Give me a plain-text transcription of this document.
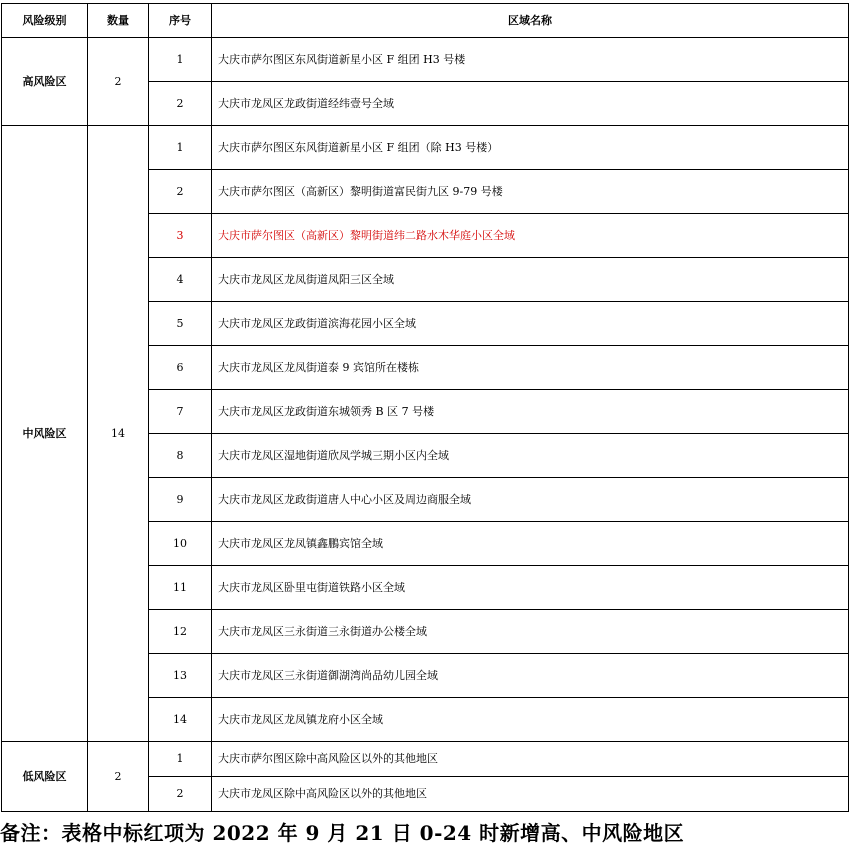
风险级别	数量	序号	区域名称
高风险区	2	1	大庆市萨尔图区东风街道新星小区 F 组团 H3 号楼
		2	大庆市龙凤区龙政街道经纬壹号全域
中风险区	14	1	大庆市萨尔图区东风街道新星小区 F 组团（除 H3 号楼）
		2	大庆市萨尔图区（高新区）黎明街道富民街九区 9-79 号楼
		3	大庆市萨尔图区（高新区）黎明街道纬二路水木华庭小区全域
		4	大庆市龙凤区龙凤街道凤阳三区全域
		5	大庆市龙凤区龙政街道滨海花园小区全域
		6	大庆市龙凤区龙凤街道泰 9 宾馆所在楼栋
		7	大庆市龙凤区龙政街道东城领秀 B 区 7 号楼
		8	大庆市龙凤区湿地街道欣凤学城三期小区内全域
		9	大庆市龙凤区龙政街道唐人中心小区及周边商服全域
		10	大庆市龙凤区龙凤镇鑫鵬宾馆全域
		11	大庆市龙凤区卧里屯街道铁路小区全域
		12	大庆市龙凤区三永街道三永街道办公楼全域
		13	大庆市龙凤区三永街道御湖湾尚品幼儿园全域
		14	大庆市龙凤区龙凤镇龙府小区全域
低风险区	2	1	大庆市萨尔图区除中高风险区以外的其他地区
		2	大庆市龙凤区除中高风险区以外的其他地区
备注：表格中标红项为 2022 年 9 月 21 日 0-24 时新增高、中风险地区
